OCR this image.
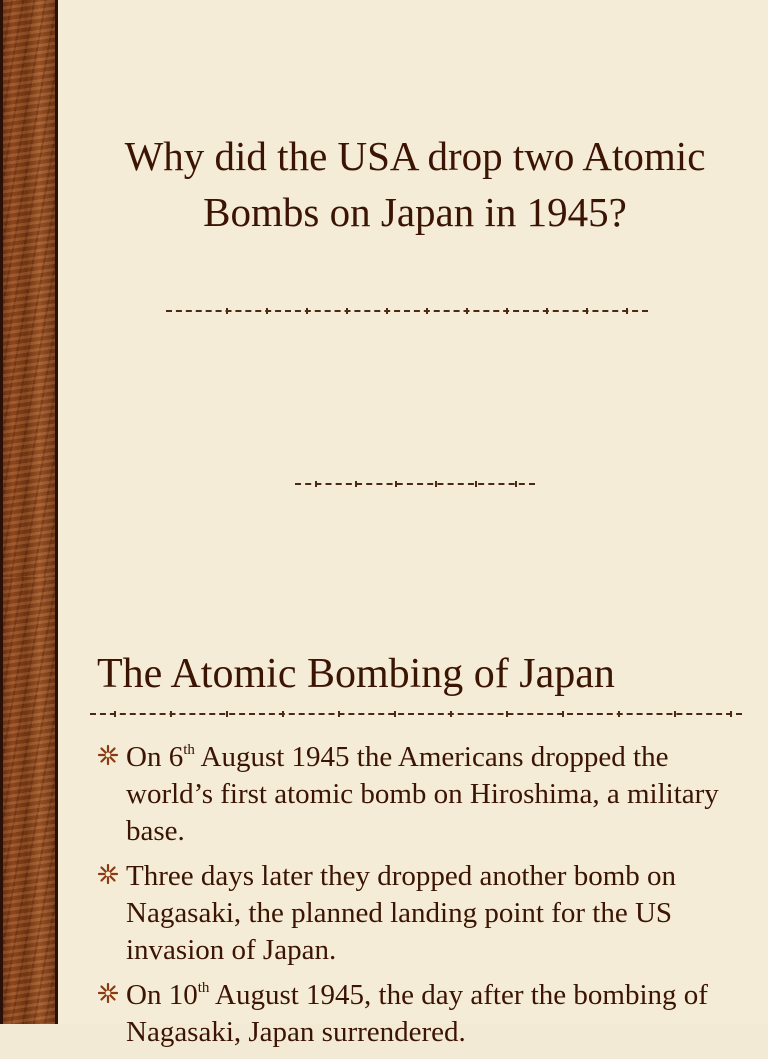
Why did the USA drop two Atomic Bombs on Japan in 1945?
The Atomic Bombing of Japan
On 6th August 1945 the Americans dropped the world’s first atomic bomb on Hiroshima, a military base.
Three days later they dropped another bomb on Nagasaki, the planned landing point for the US invasion of Japan.
On 10th August 1945, the day after the bombing of Nagasaki, Japan surrendered.
